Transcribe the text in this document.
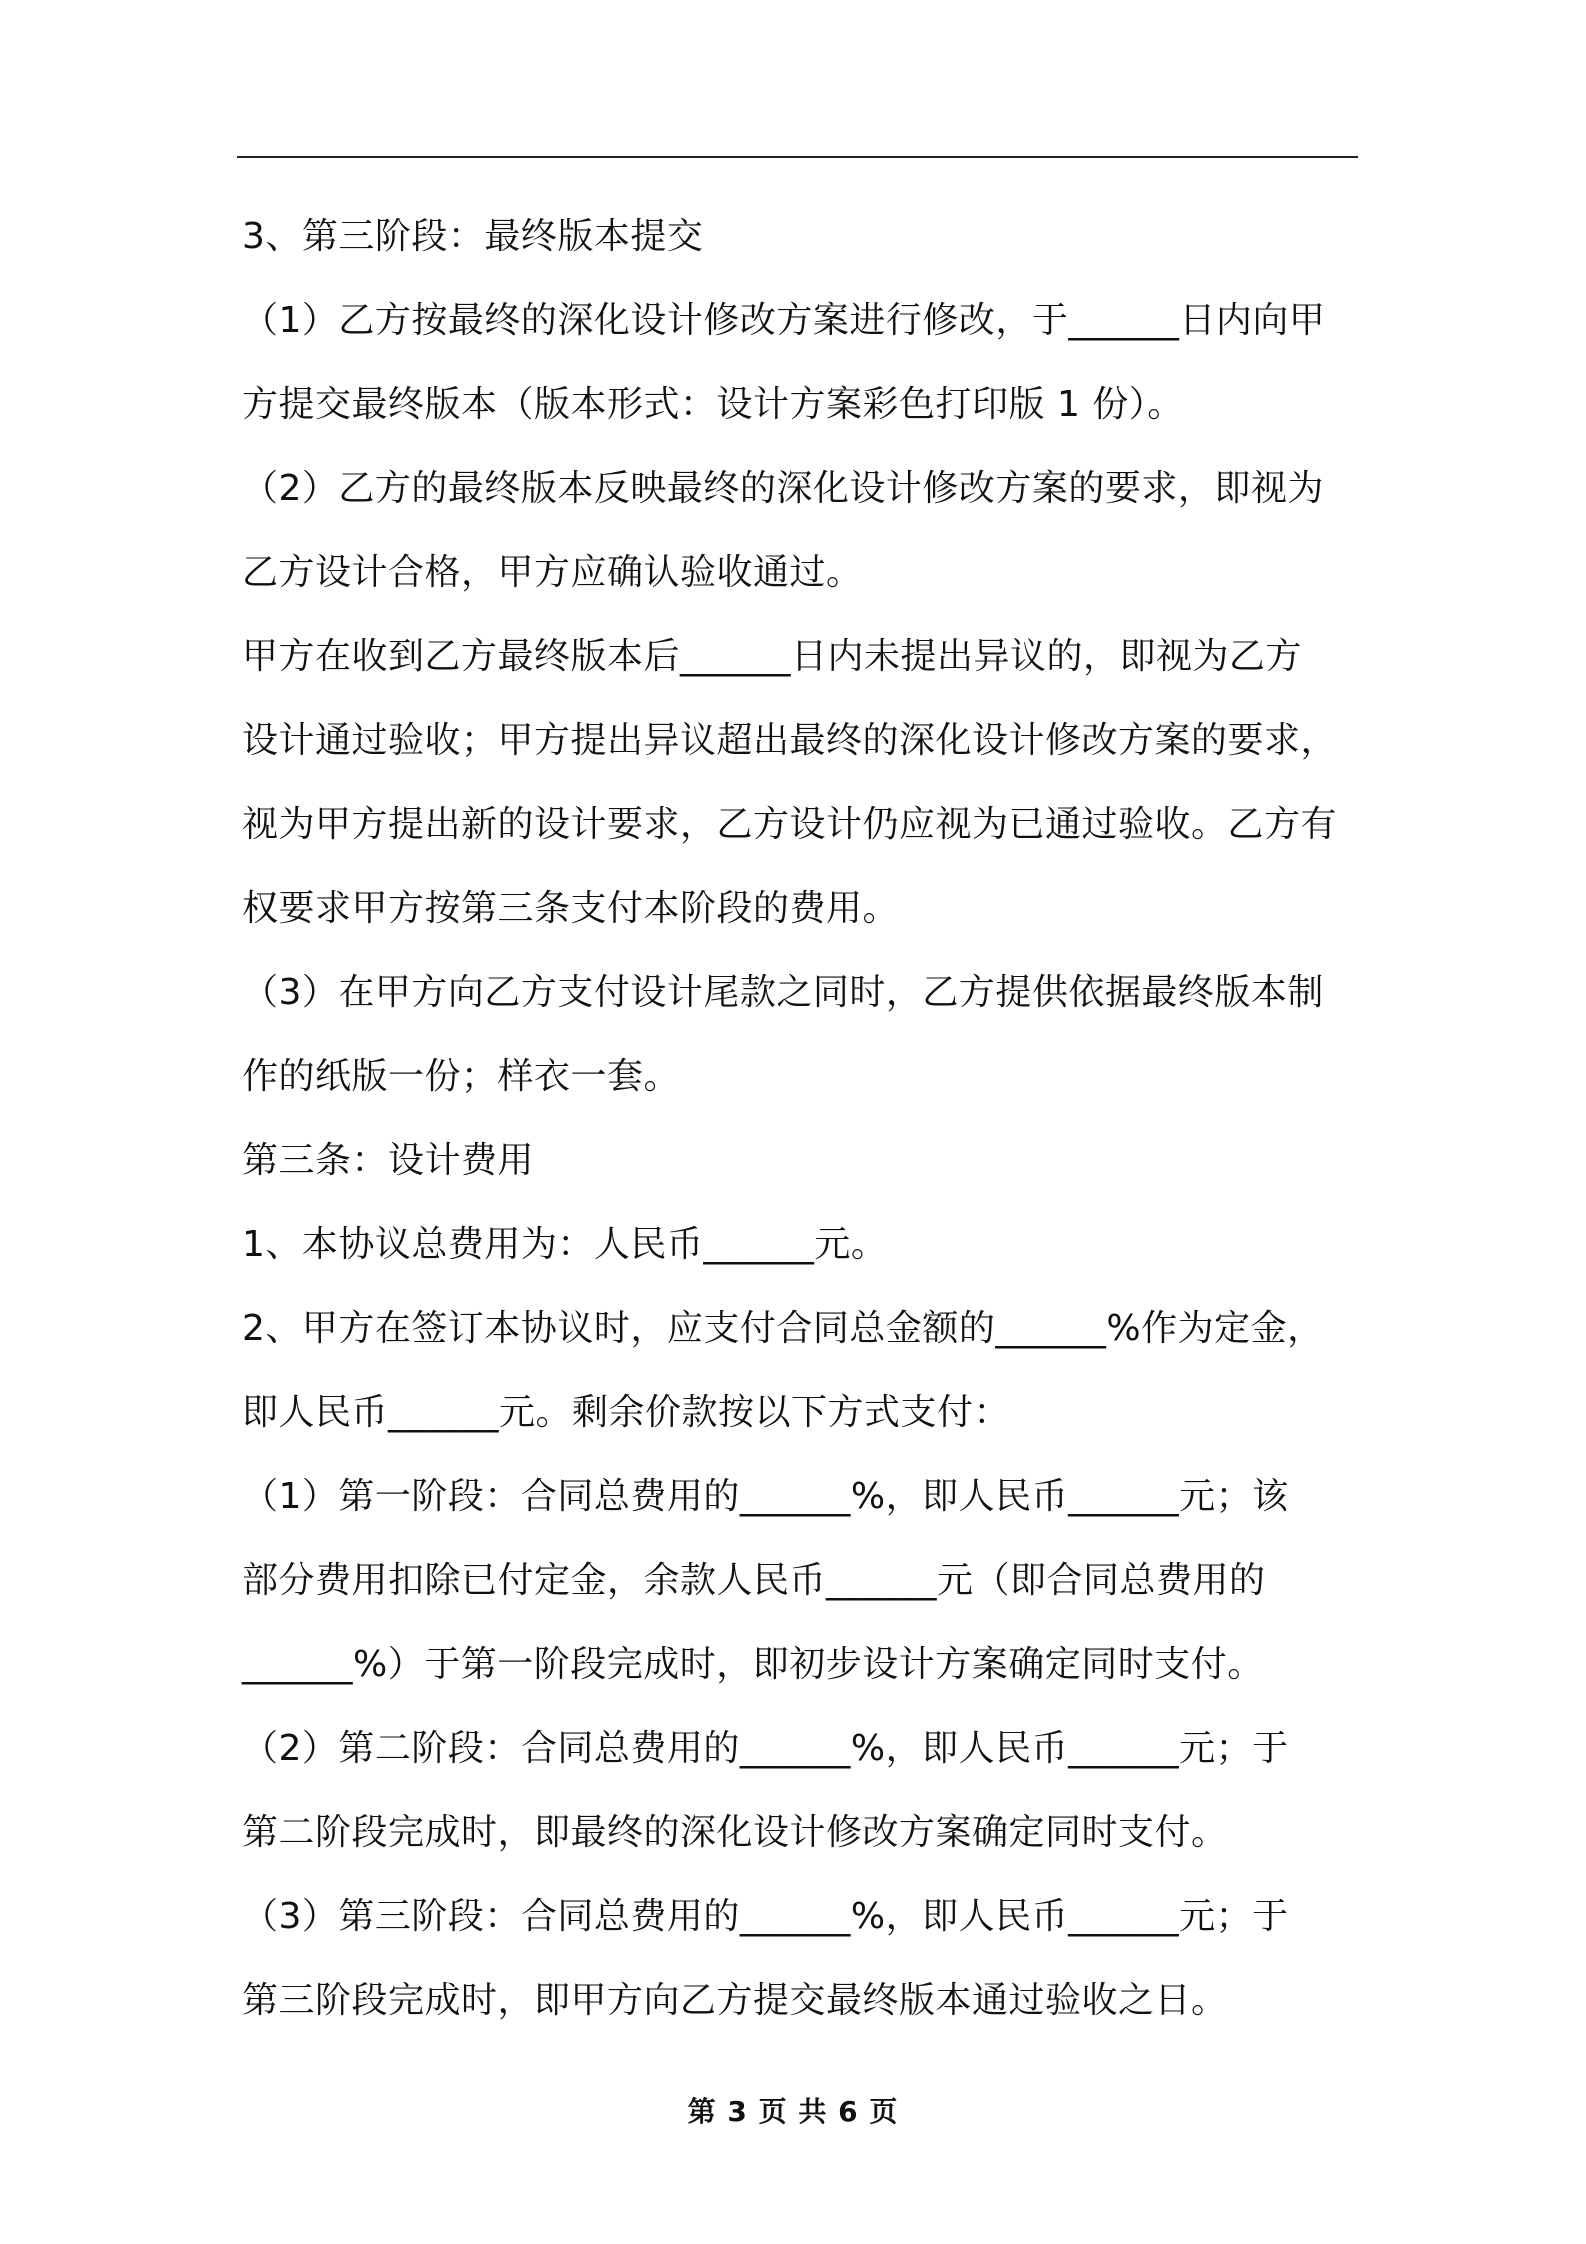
3、第三阶段：最终版本提交
（1）乙方按最终的深化设计修改方案进行修改，于______日内向甲
方提交最终版本（版本形式：设计方案彩色打印版 1 份）。
（2）乙方的最终版本反映最终的深化设计修改方案的要求，即视为
乙方设计合格，甲方应确认验收通过。
甲方在收到乙方最终版本后______日内未提出异议的，即视为乙方
设计通过验收；甲方提出异议超出最终的深化设计修改方案的要求，
视为甲方提出新的设计要求，乙方设计仍应视为已通过验收。乙方有
权要求甲方按第三条支付本阶段的费用。
（3）在甲方向乙方支付设计尾款之同时，乙方提供依据最终版本制
作的纸版一份；样衣一套。
第三条：设计费用
1、本协议总费用为：人民币______元。
2、甲方在签订本协议时，应支付合同总金额的______%作为定金，
即人民币______元。剩余价款按以下方式支付：
（1）第一阶段：合同总费用的______%，即人民币______元；该
部分费用扣除已付定金，余款人民币______元（即合同总费用的
______%）于第一阶段完成时，即初步设计方案确定同时支付。
（2）第二阶段：合同总费用的______%，即人民币______元；于
第二阶段完成时，即最终的深化设计修改方案确定同时支付。
（3）第三阶段：合同总费用的______%，即人民币______元；于
第三阶段完成时，即甲方向乙方提交最终版本通过验收之日。
第 3 页 共 6 页
